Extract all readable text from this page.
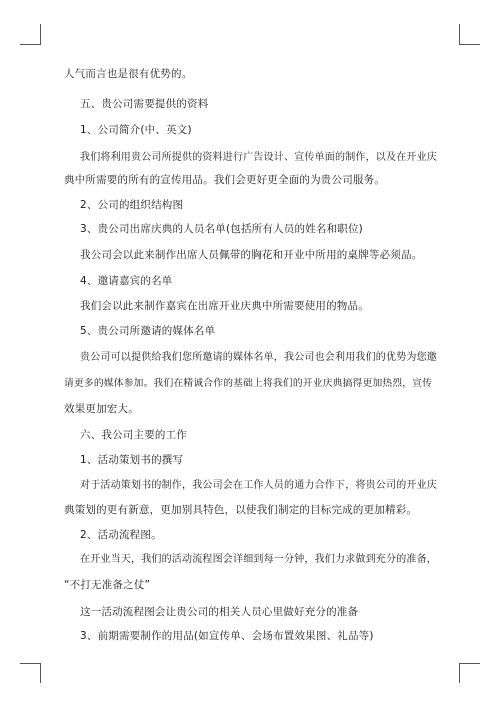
人气而言也是很有优势的。
五、贵公司需要提供的资料
1、公司简介(中、英文)
我们将利用贵公司所提供的资料进行广告设计、宣传单面的制作，以及在开业庆
典中所需要的所有的宣传用品。我们会更好更全面的为贵公司服务。
2、公司的组织结构图
3、贵公司出席庆典的人员名单(包括所有人员的姓名和职位)
我公司会以此来制作出席人员佩带的胸花和开业中所用的桌牌等必须品。
4、邀请嘉宾的名单
我们会以此来制作嘉宾在出席开业庆典中所需要使用的物品。
5、贵公司所邀请的媒体名单
贵公司可以提供给我们您所邀请的媒体名单，我公司也会利用我们的优势为您邀
请更多的媒体参加。我们在精诚合作的基础上将我们的开业庆典搞得更加热烈，宣传
效果更加宏大。
六、我公司主要的工作
1、活动策划书的撰写
对于活动策划书的制作，我公司会在工作人员的通力合作下，将贵公司的开业庆
典策划的更有新意，更加别具特色，以使我们制定的目标完成的更加精彩。
2、活动流程图。
在开业当天，我们的活动流程图会详细到每一分钟，我们力求做到充分的准备，
“不打无准备之仗”
这一活动流程图会让贵公司的相关人员心里做好充分的准备
3、前期需要制作的用品(如宣传单、会场布置效果图、礼品等)
